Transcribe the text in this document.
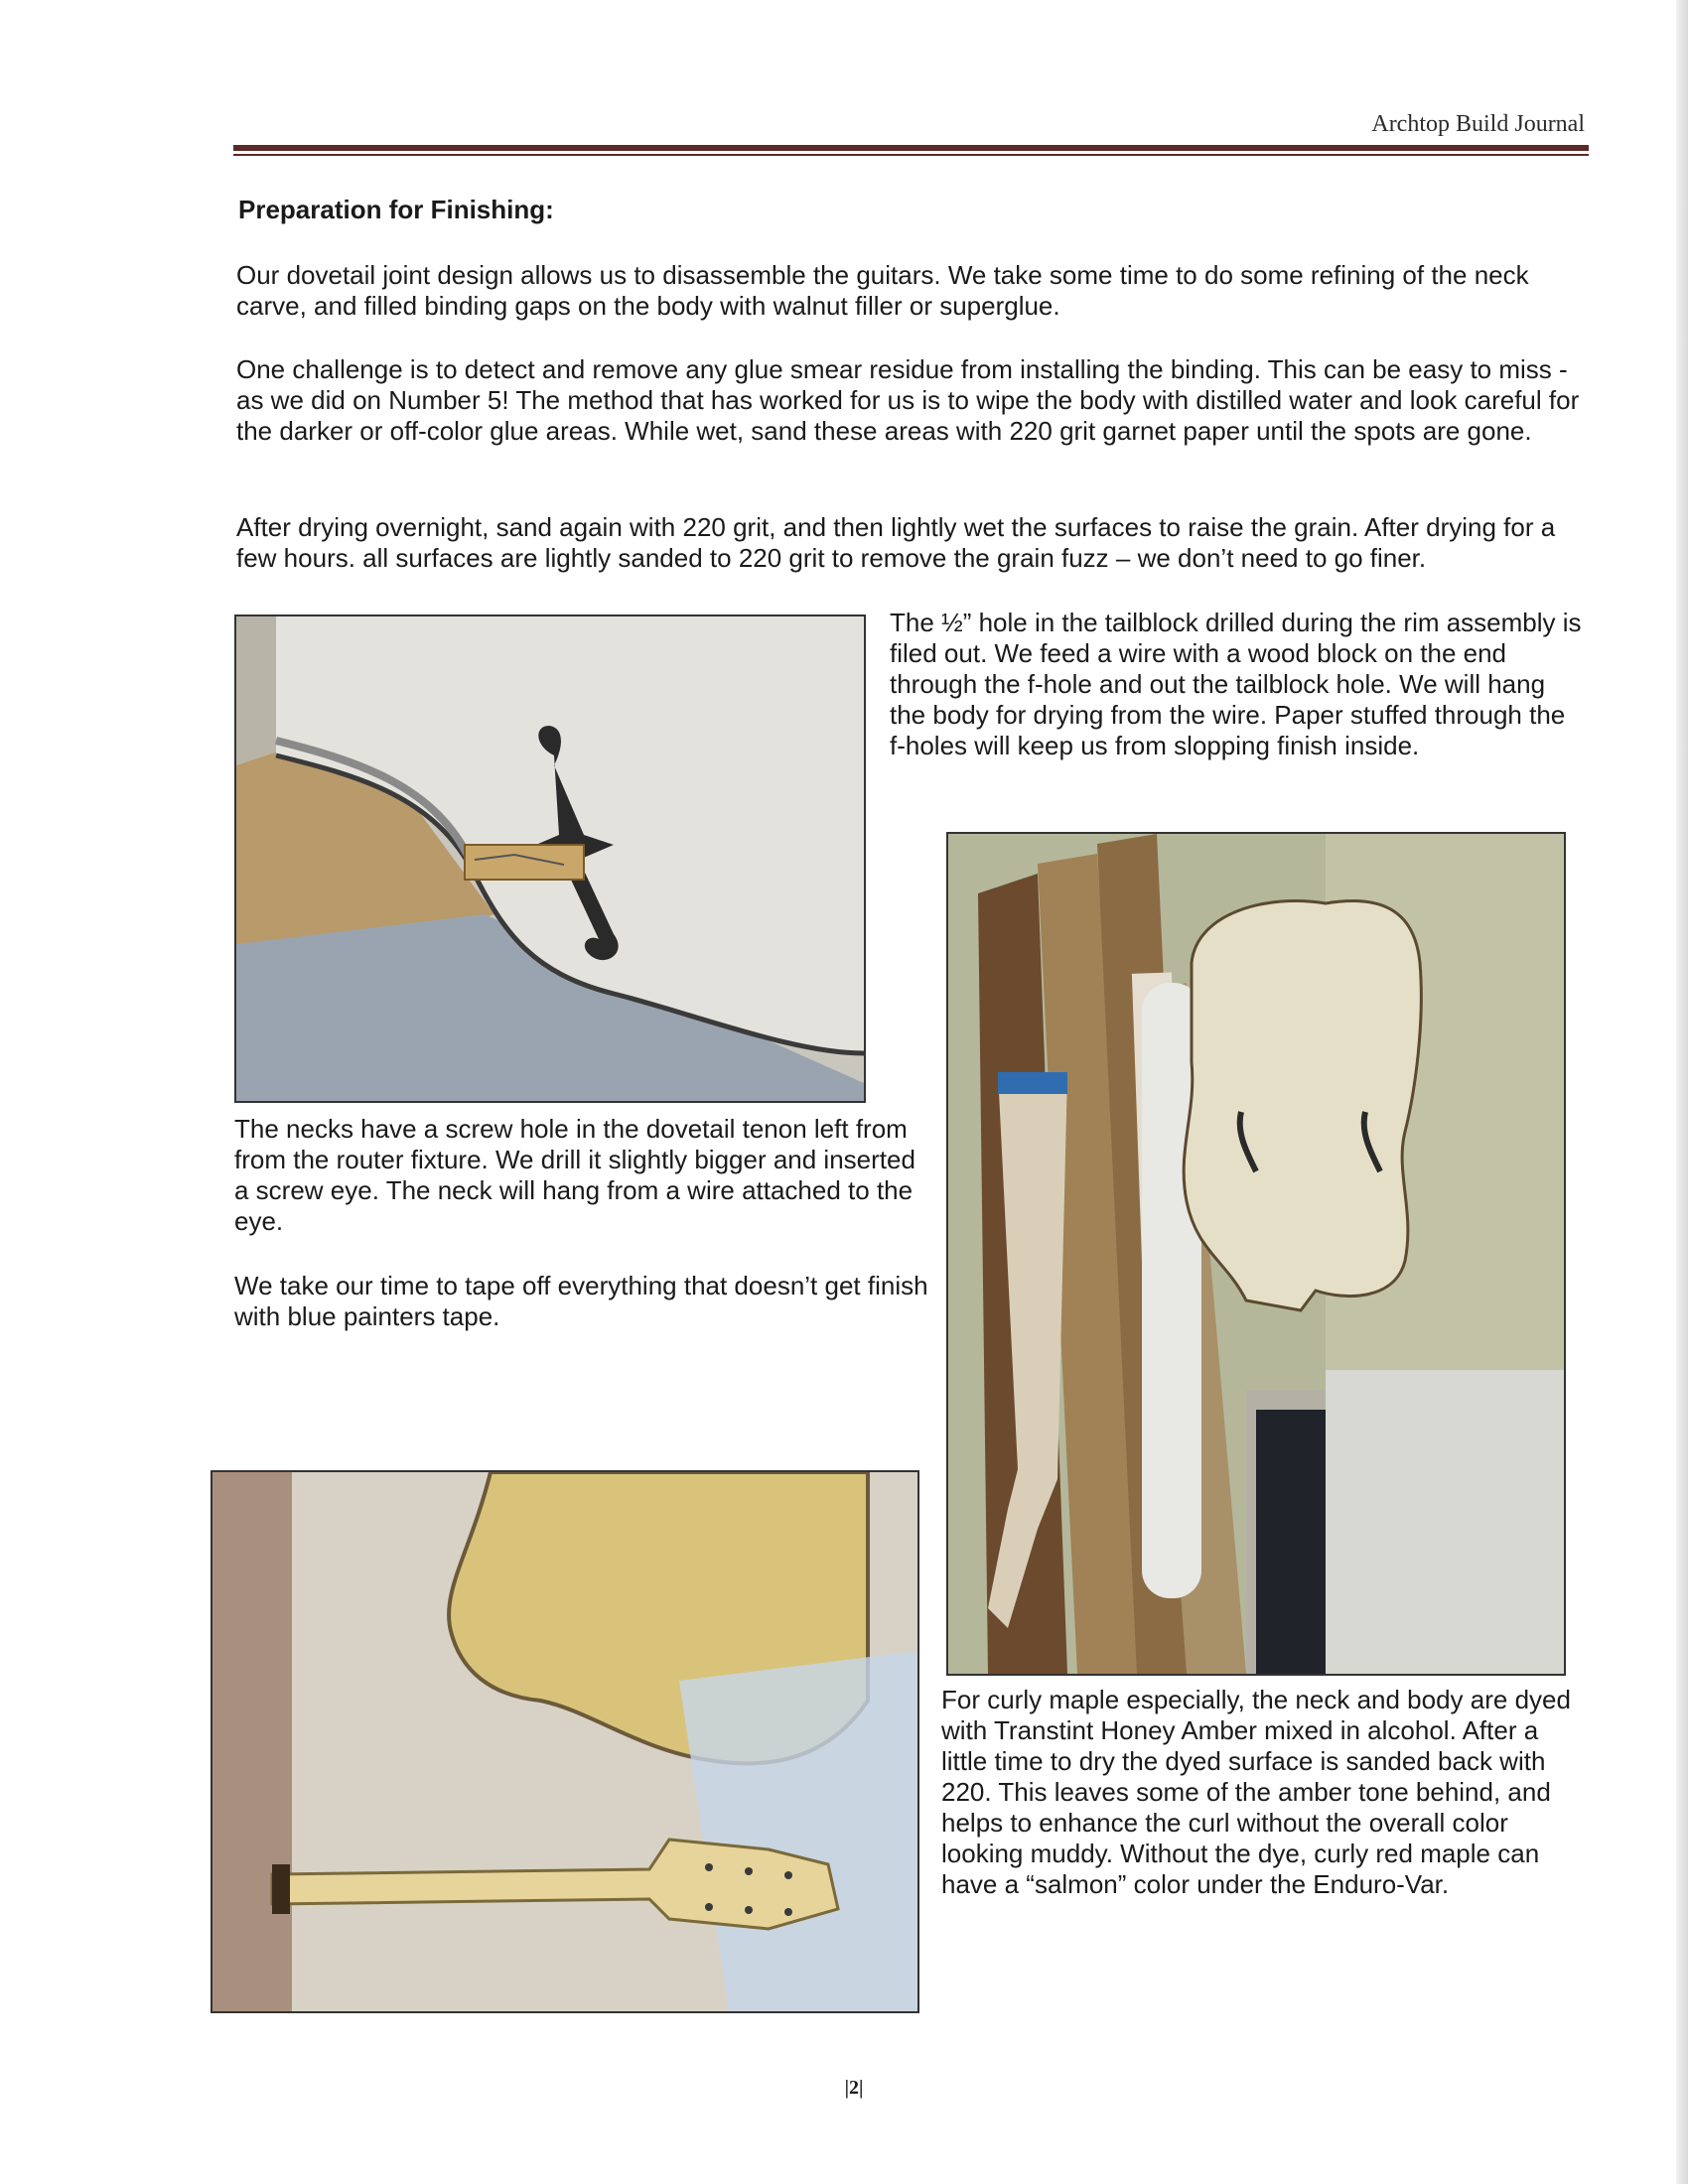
Archtop Build Journal
Preparation for Finishing:
Our dovetail joint design allows us to disassemble the guitars. We take some time to do some refining of the neck carve, and filled binding gaps on the body with walnut filler or superglue.
One challenge is to detect and remove any glue smear residue from installing the binding. This can be easy to miss - as we did on Number 5! The method that has worked for us is to wipe the body with distilled water and look careful for the darker or off-color glue areas. While wet, sand these areas with 220 grit garnet paper until the spots are gone.
After drying overnight, sand again with 220 grit, and then lightly wet the surfaces to raise the grain. After drying for a few hours. all surfaces are lightly sanded to 220 grit to remove the grain fuzz – we don’t need to go finer.
The ½” hole in the tailblock drilled during the rim assembly is filed out. We feed a wire with a wood block on the end through the f-hole and out the tailblock hole. We will hang the body for drying from the wire. Paper stuffed through the f-holes will keep us from slopping finish inside.
The necks have a screw hole in the dovetail tenon left from from the router fixture. We drill it slightly bigger and inserted a screw eye. The neck will hang from a wire attached to the eye.
We take our time to tape off everything that doesn’t get finish with blue painters tape.
For curly maple especially, the neck and body are dyed with Transtint Honey Amber mixed in alcohol. After a little time to dry the dyed surface is sanded back with 220. This leaves some of the amber tone behind, and helps to enhance the curl without the overall color looking muddy. Without the dye, curly red maple can have a “salmon” color under the Enduro-Var.
|2|
